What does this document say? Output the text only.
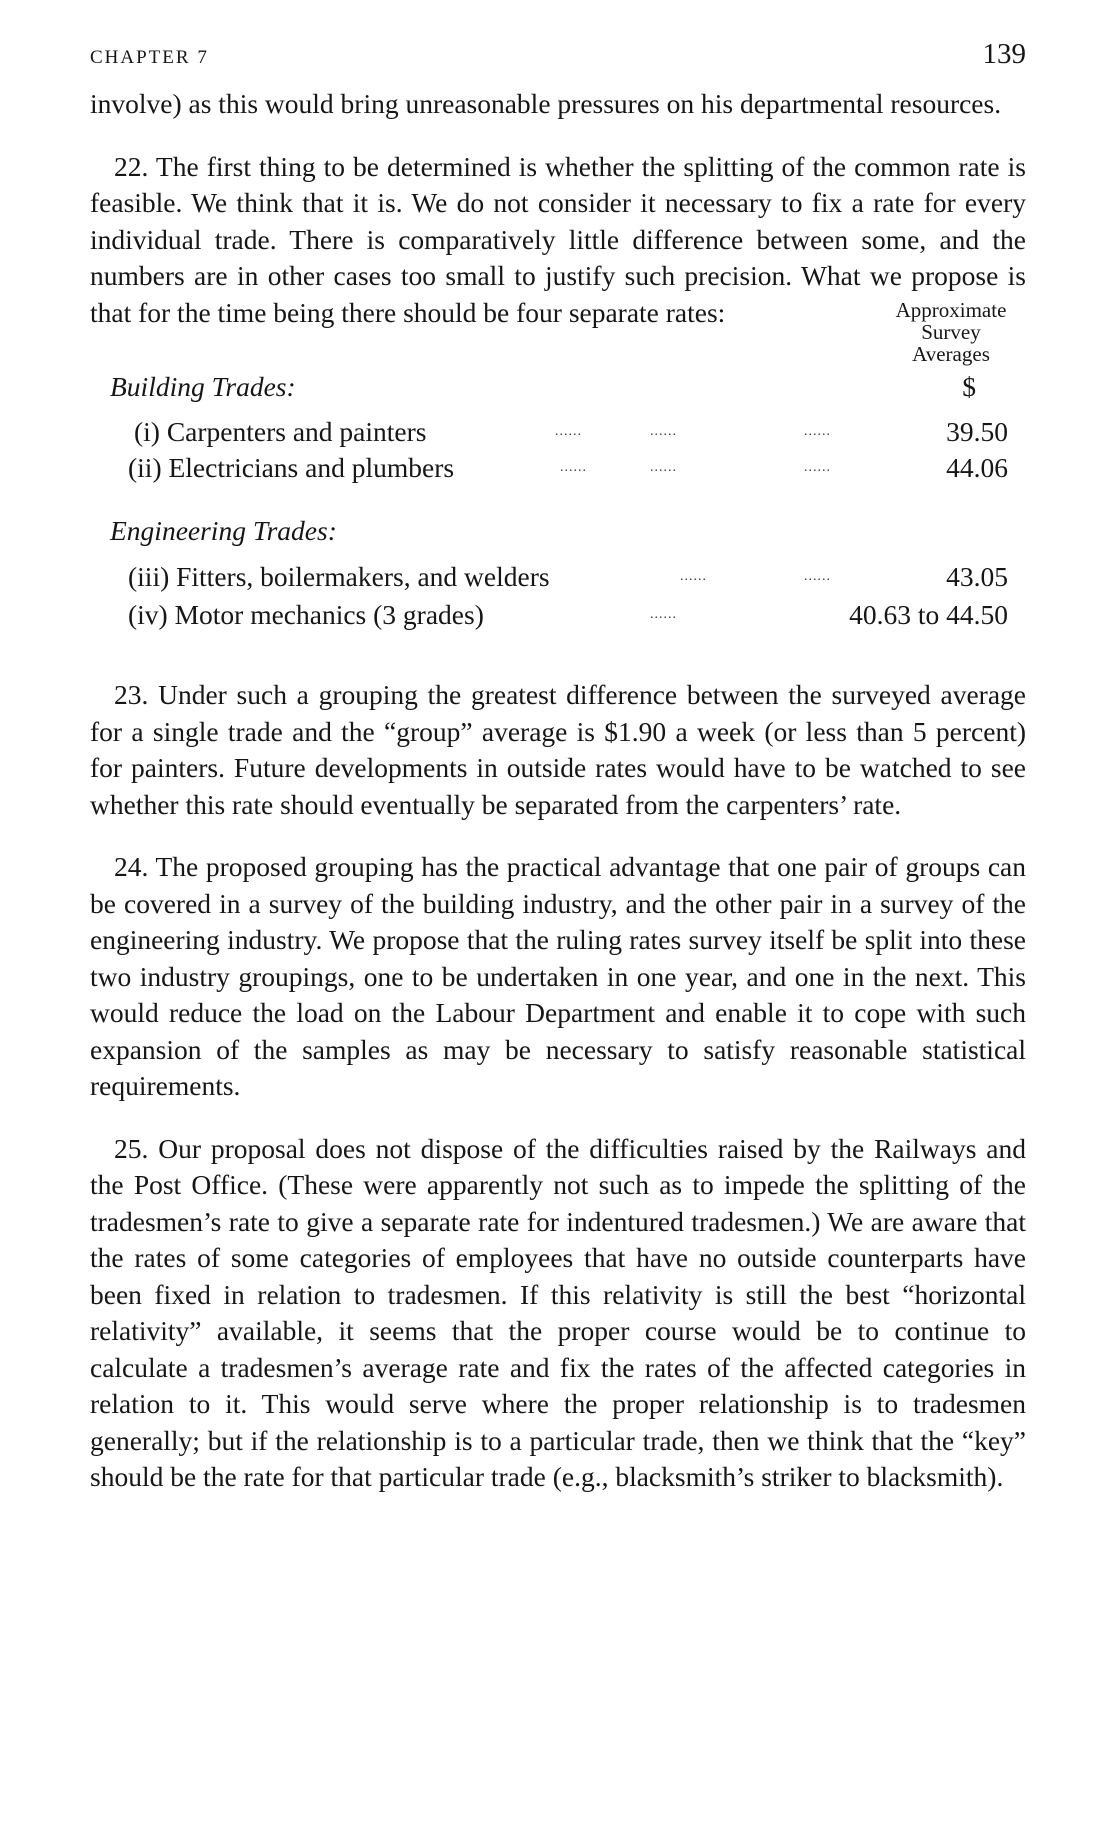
CHAPTER 7	139

involve) as this would bring unreasonable pressures on his departmental resources.

22. The first thing to be determined is whether the splitting of the common rate is feasible. We think that it is. We do not consider it necessary to fix a rate for every individual trade. There is comparatively little difference between some, and the numbers are in other cases too small to justify such precision. What we propose is that for the time being there should be four separate rates:	Approximate
Survey
Averages
Building Trades:	$
(i) Carpenters and painters	......	......	......	39.50
(ii) Electricians and plumbers	......	......	......	44.06
Engineering Trades:
(iii) Fitters, boilermakers, and welders	......	......	43.05
(iv) Motor mechanics (3 grades)	......	40.63 to 44.50

23. Under such a grouping the greatest difference between the surveyed average for a single trade and the “group” average is $1.90 a week (or less than 5 percent) for painters. Future developments in outside rates would have to be watched to see whether this rate should eventually be separated from the carpenters’ rate.

24. The proposed grouping has the practical advantage that one pair of groups can be covered in a survey of the building industry, and the other pair in a survey of the engineering industry. We propose that the ruling rates survey itself be split into these two industry groupings, one to be undertaken in one year, and one in the next. This would reduce the load on the Labour Department and enable it to cope with such expansion of the samples as may be necessary to satisfy reasonable statistical requirements.

25. Our proposal does not dispose of the difficulties raised by the Railways and the Post Office. (These were apparently not such as to impede the splitting of the tradesmen’s rate to give a separate rate for indentured tradesmen.) We are aware that the rates of some categories of employees that have no outside counterparts have been fixed in relation to tradesmen. If this relativity is still the best “horizontal relativity” available, it seems that the proper course would be to continue to calculate a tradesmen’s average rate and fix the rates of the affected categories in relation to it. This would serve where the proper relationship is to tradesmen generally; but if the relationship is to a particular trade, then we think that the “key” should be the rate for that particular trade (e.g., blacksmith’s striker to blacksmith).
